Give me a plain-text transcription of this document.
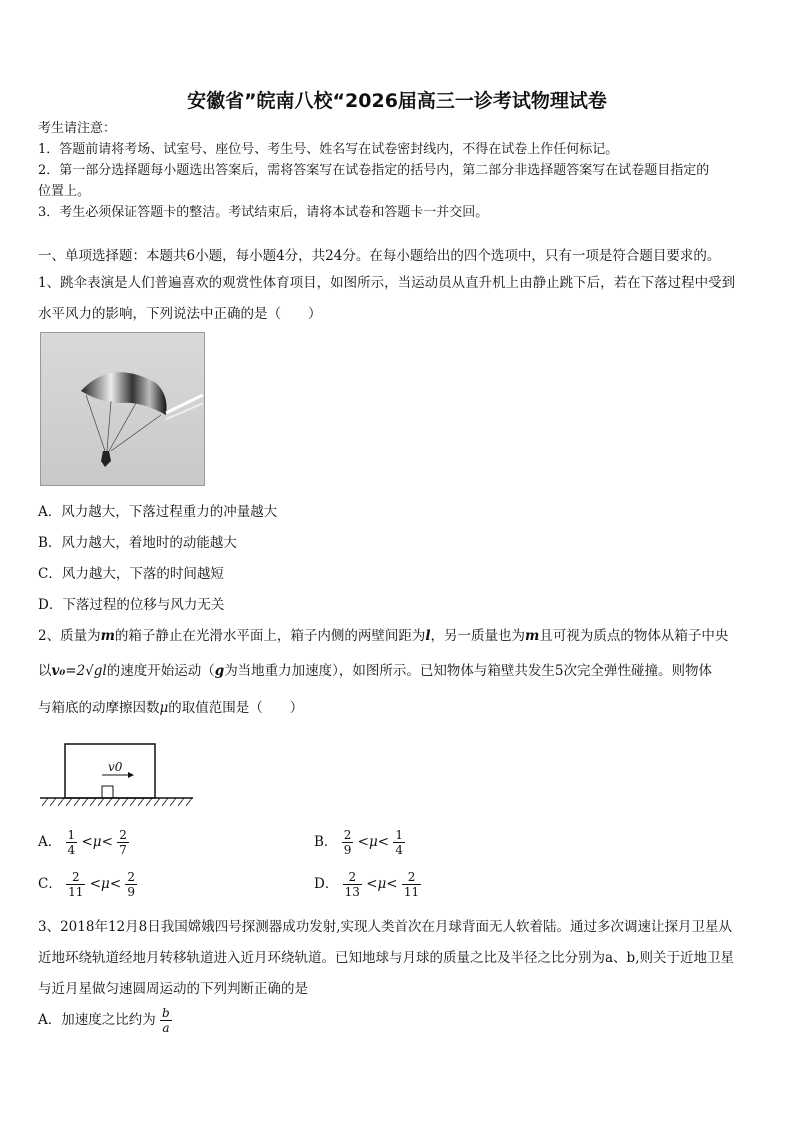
安徽省”皖南八校“2026届高三一诊考试物理试卷
考生请注意：
1．答题前请将考场、试室号、座位号、考生号、姓名写在试卷密封线内，不得在试卷上作任何标记。
2．第一部分选择题每小题选出答案后，需将答案写在试卷指定的括号内，第二部分非选择题答案写在试卷题目指定的
位置上。
3．考生必须保证答题卡的整洁。考试结束后，请将本试卷和答题卡一并交回。
一、单项选择题：本题共6小题，每小题4分，共24分。在每小题给出的四个选项中，只有一项是符合题目要求的。
1、跳伞表演是人们普遍喜欢的观赏性体育项目，如图所示，当运动员从直升机上由静止跳下后，若在下落过程中受到
水平风力的影响，下列说法中正确的是（　　）
A．风力越大，下落过程重力的冲量越大
B．风力越大，着地时的动能越大
C．风力越大，下落的时间越短
D．下落过程的位移与风力无关
2、质量为m的箱子静止在光滑水平面上，箱子内侧的两壁间距为l，另一质量也为m且可视为质点的物体从箱子中央
以v₀=2√gl的速度开始运动（g为当地重力加速度），如图所示。已知物体与箱壁共发生5次完全弹性碰撞。则物体
与箱底的动摩擦因数μ的取值范围是（　　）
v0
A． $\frac{1}{4} <\mu< \frac{2}{7}$	B． $\frac{2}{9} <\mu< \frac{1}{4}$
C． $\frac{2}{11} <\mu< \frac{2}{9}$	D． $\frac{2}{13} <\mu< \frac{2}{11}$
3、2018年12月8日我国嫦娥四号探测器成功发射,实现人类首次在月球背面无人软着陆。通过多次调速让探月卫星从
近地环绕轨道经地月转移轨道进入近月环绕轨道。已知地球与月球的质量之比及半径之比分别为a、b,则关于近地卫星
与近月星做匀速圆周运动的下列判断正确的是
A．加速度之比约为 $\frac{b}{a}$
